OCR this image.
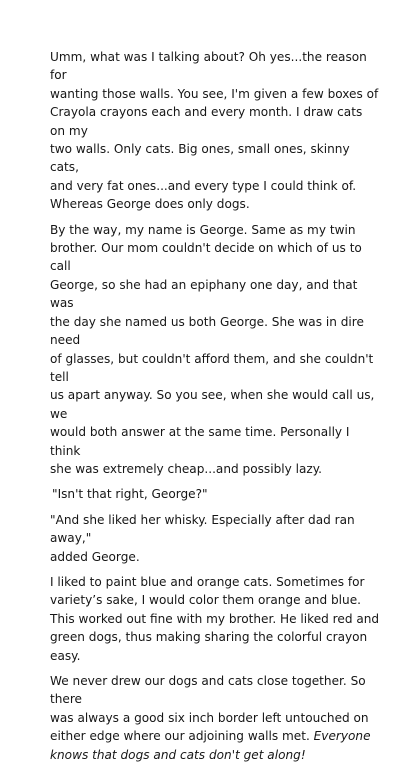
Umm, what was I talking about? Oh yes...the reason for
wanting those walls. You see, I'm given a few boxes of
Crayola crayons each and every month. I draw cats on my
two walls. Only cats. Big ones, small ones, skinny cats,
and very fat ones...and every type I could think of.
Whereas George does only dogs.

By the way, my name is George. Same as my twin
brother. Our mom couldn't decide on which of us to call
George, so she had an epiphany one day, and that was
the day she named us both George. She was in dire need
of glasses, but couldn't afford them, and she couldn't tell
us apart anyway. So you see, when she would call us, we
would both answer at the same time. Personally I think
she was extremely cheap...and possibly lazy.

"Isn't that right, George?"

"And she liked her whisky. Especially after dad ran away,"
added George.

I liked to paint blue and orange cats. Sometimes for
variety’s sake, I would color them orange and blue.
This worked out fine with my brother. He liked red and
green dogs, thus making sharing the colorful crayon easy.

We never drew our dogs and cats close together. So there
was always a good six inch border left untouched on
either edge where our adjoining walls met. Everyone
knows that dogs and cats don't get along!
